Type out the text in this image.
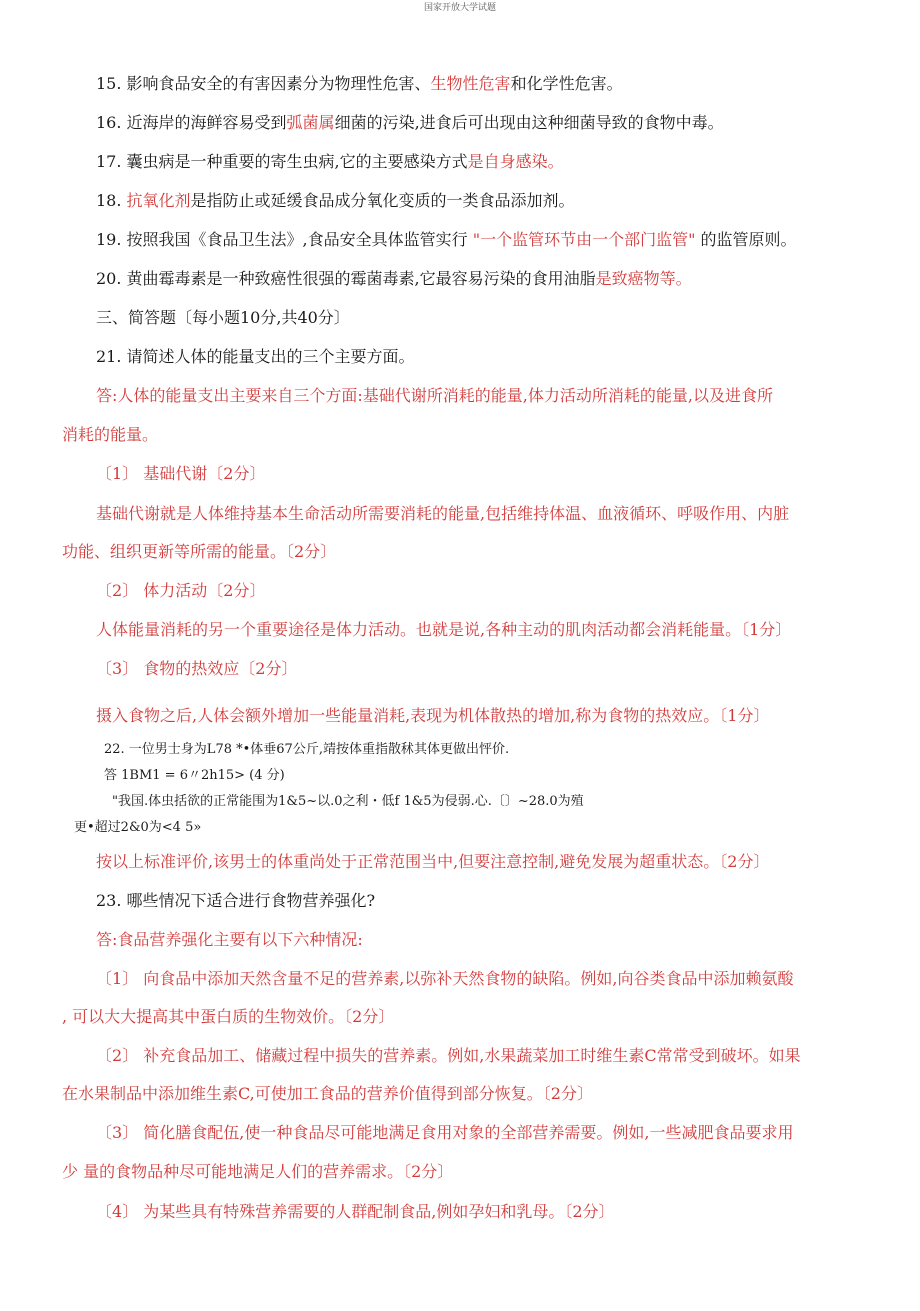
国家开放大学试题
15. 影响食品安全的有害因素分为物理性危害、生物性危害和化学性危害。
16. 近海岸的海鲜容易受到弧菌属细菌的污染,进食后可出现由这种细菌导致的食物中毒。
17. 囊虫病是一种重要的寄生虫病,它的主要感染方式是自身感染。
18. 抗氧化剂是指防止或延缓食品成分氧化变质的一类食品添加剂。
19. 按照我国《食品卫生法》,食品安全具体监管实行 "一个监管环节由一个部门监管" 的监管原则。
20. 黄曲霉毒素是一种致癌性很强的霉菌毒素,它最容易污染的食用油脂是致癌物等。
三、简答题〔每小题10分,共40分〕
21. 请简述人体的能量支出的三个主要方面。
答:人体的能量支出主要来自三个方面:基础代谢所消耗的能量,体力活动所消耗的能量,以及进食所
消耗的能量。
〔1〕 基础代谢〔2分〕
基础代谢就是人体维持基本生命活动所需要消耗的能量,包括维持体温、血液循环、呼吸作用、内脏
功能、组织更新等所需的能量。〔2分〕
〔2〕 体力活动〔2分〕
人体能量消耗的另一个重要途径是体力活动。也就是说,各种主动的肌肉活动都会消耗能量。〔1分〕
〔3〕 食物的热效应〔2分〕
摄入食物之后,人体会额外增加一些能量消耗,表现为机体散热的增加,称为食物的热效应。〔1分〕
22. 一位男士身为L78 *•体垂67公斤,靖按体重指散秫其体更做出怦价.
答 1BM1 = 6〃2h15> (4 分)
"我国.体虫括欲的正常能围为1&5~以.0之利・低f 1&5为侵弱.心.〔〕~28.0为殖
更•超过2&0为<4 5»
按以上标准评价,该男士的体重尚处于正常范围当中,但要注意控制,避免发展为超重状态。〔2分〕
23. 哪些情况下适合进行食物营养强化?
答:食品营养强化主要有以下六种情况:
〔1〕 向食品中添加天然含量不足的营养素,以弥补天然食物的缺陷。例如,向谷类食品中添加赖氨酸
, 可以大大提高其中蛋白质的生物效价。〔2分〕
〔2〕 补充食品加工、储藏过程中损失的营养素。例如,水果蔬菜加工时维生素C常常受到破坏。如果
在水果制品中添加维生素C,可使加工食品的营养价值得到部分恢复。〔2分〕
〔3〕 简化膳食配伍,使一种食品尽可能地满足食用对象的全部营养需要。例如,一些减肥食品要求用
少 量的食物品种尽可能地满足人们的营养需求。〔2分〕
〔4〕 为某些具有特殊营养需要的人群配制食品,例如孕妇和乳母。〔2分〕
